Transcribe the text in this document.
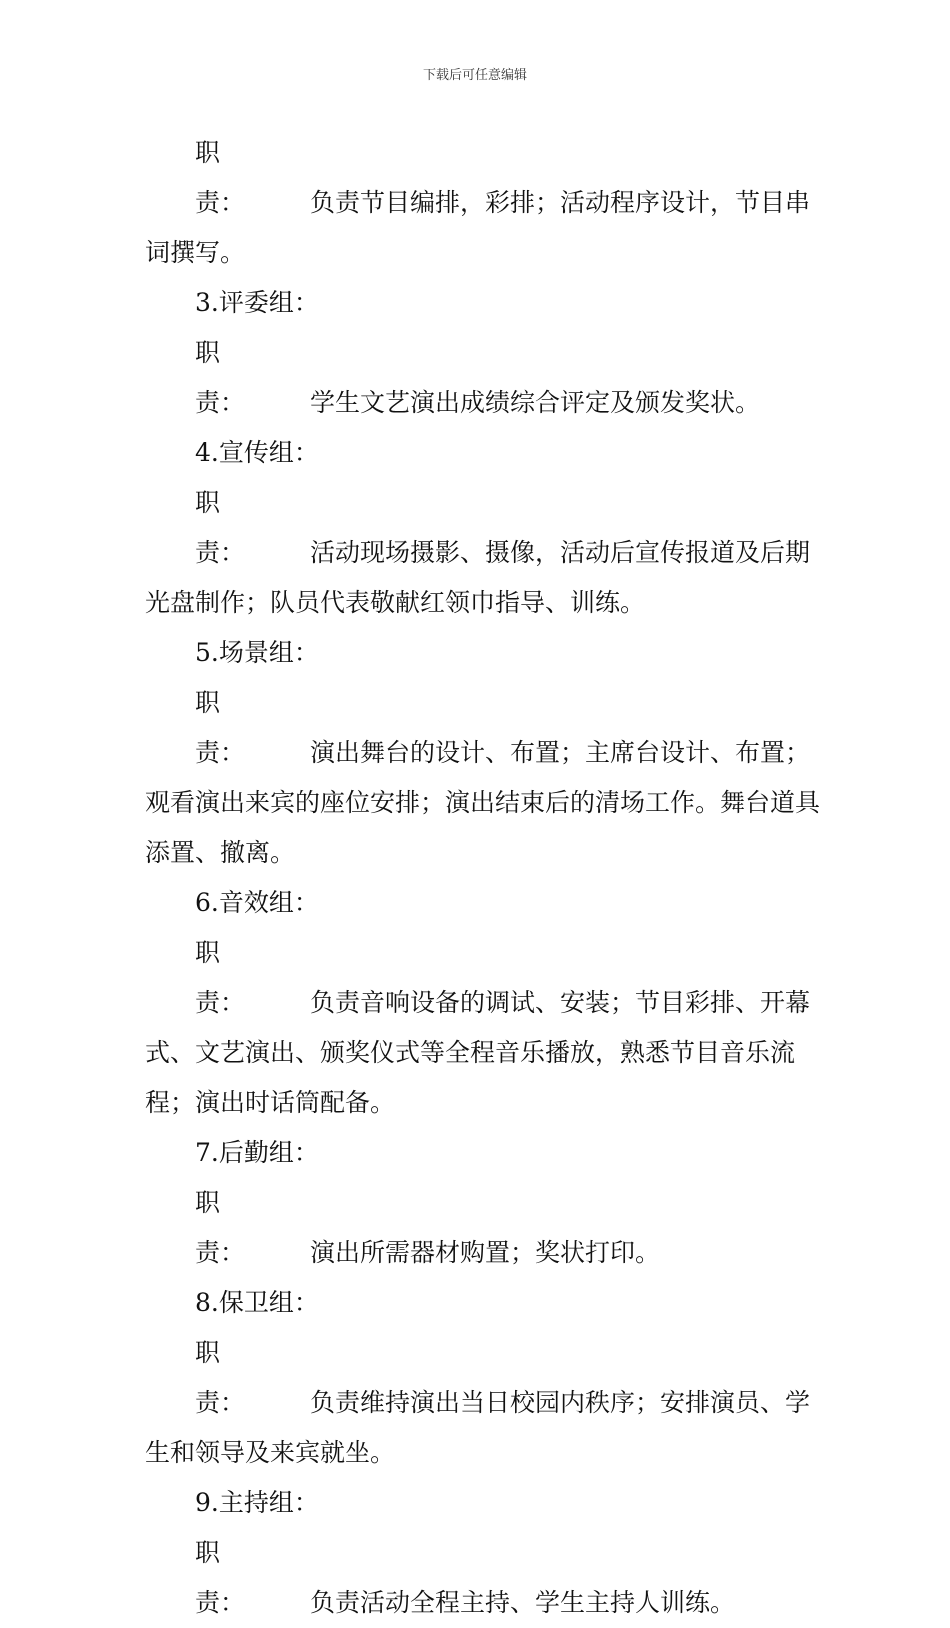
下载后可任意编辑

职　　责：	负责节目编排，彩排；活动程序设计，节目串词撰写。

3.评委组：

职　　责：	学生文艺演出成绩综合评定及颁发奖状。

4.宣传组：

职　　责：	活动现场摄影、摄像，活动后宣传报道及后期光盘制作；队员代表敬献红领巾指导、训练。

5.场景组：

职　　责：	演出舞台的设计、布置；主席台设计、布置；观看演出来宾的座位安排；演出结束后的清场工作。舞台道具添置、撤离。

6.音效组：

职　　责：	负责音响设备的调试、安装；节目彩排、开幕式、文艺演出、颁奖仪式等全程音乐播放，熟悉节目音乐流程；演出时话筒配备。

7.后勤组：

职　　责：	演出所需器材购置；奖状打印。

8.保卫组：

职　　责：	负责维持演出当日校园内秩序；安排演员、学生和领导及来宾就坐。

9.主持组：

职　　责：	负责活动全程主持、学生主持人训练。
